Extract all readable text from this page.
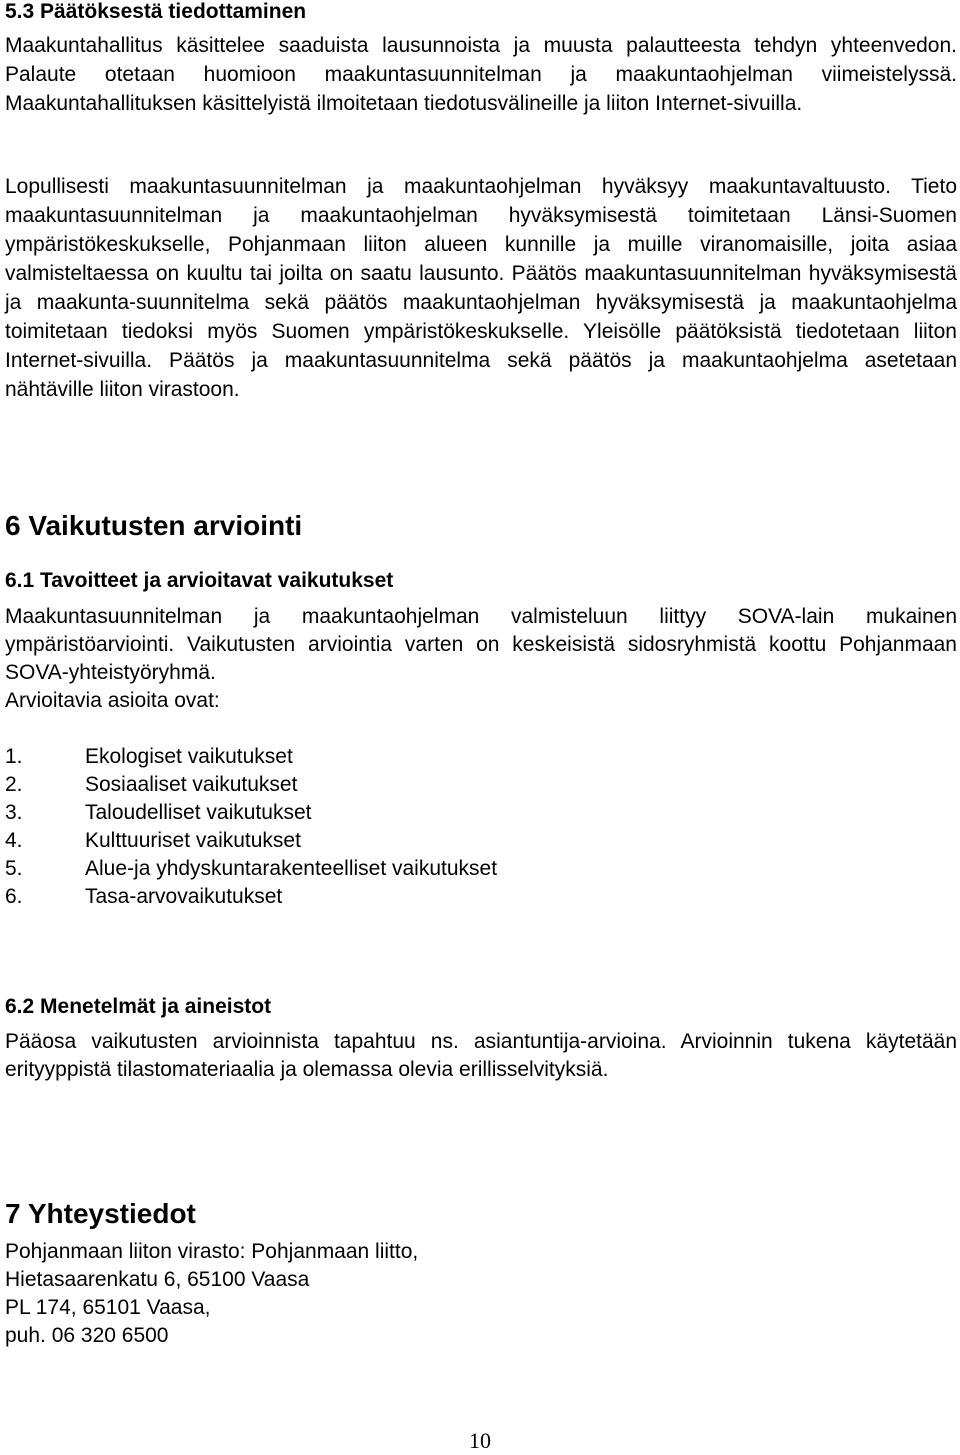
5.3 Päätöksestä tiedottaminen

Maakuntahallitus käsittelee saaduista lausunnoista ja muusta palautteesta tehdyn yhteenvedon. Palaute otetaan huomioon maakuntasuunnitelman ja maakuntaohjelman viimeistelyssä. Maakuntahallituksen käsittelyistä ilmoitetaan tiedotusvälineille ja liiton Internet-sivuilla.

Lopullisesti maakuntasuunnitelman ja maakuntaohjelman hyväksyy maakuntavaltuusto. Tieto maakuntasuunnitelman ja maakuntaohjelman hyväksymisestä toimitetaan Länsi-Suomen ympäristökeskukselle, Pohjanmaan liiton alueen kunnille ja muille viranomaisille, joita asiaa valmisteltaessa on kuultu tai joilta on saatu lausunto. Päätös maakuntasuunnitelman hyväksymisestä ja maakunta-suunnitelma sekä päätös maakuntaohjelman hyväksymisestä ja maakuntaohjelma toimitetaan tiedoksi myös Suomen ympäristökeskukselle. Yleisölle päätöksistä tiedotetaan liiton Internet-sivuilla. Päätös ja maakuntasuunnitelma sekä päätös ja maakuntaohjelma asetetaan nähtäville liiton virastoon.

6 Vaikutusten arviointi
6.1 Tavoitteet ja arvioitavat vaikutukset

Maakuntasuunnitelman ja maakuntaohjelman valmisteluun liittyy SOVA-lain mukainen ympäristöarviointi. Vaikutusten arviointia varten on keskeisistä sidosryhmistä koottu Pohjanmaan SOVA-yhteistyöryhmä.

Arvioitavia asioita ovat:

1.	Ekologiset vaikutukset
2.	Sosiaaliset vaikutukset
3.	Taloudelliset vaikutukset
4.	Kulttuuriset vaikutukset
5.	Alue-ja yhdyskuntarakenteelliset vaikutukset
6.	Tasa-arvovaikutukset
6.2 Menetelmät ja aineistot

Pääosa vaikutusten arvioinnista tapahtuu ns. asiantuntija-arvioina. Arvioinnin tukena käytetään erityyppistä tilastomateriaalia ja olemassa olevia erillisselvityksiä.

7 Yhteystiedot
Pohjanmaan liiton virasto: Pohjanmaan liitto,
Hietasaarenkatu 6, 65100 Vaasa
PL 174, 65101 Vaasa,
puh. 06 320 6500
10
